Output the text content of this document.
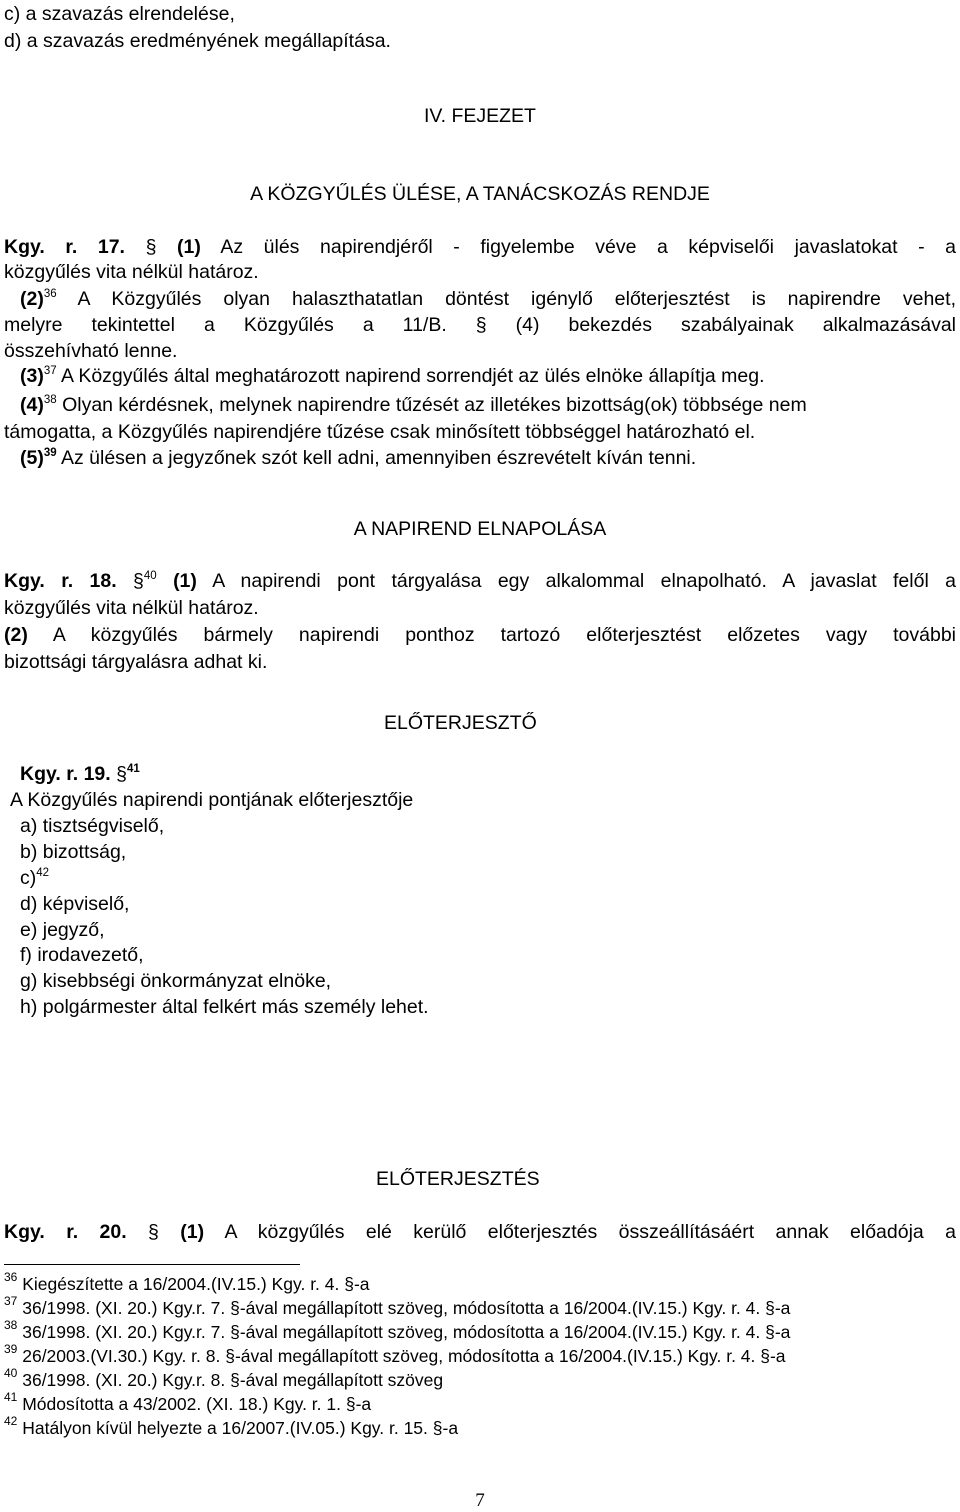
c) a szavazás elrendelése,
d) a szavazás eredményének megállapítása.
IV. FEJEZET
A KÖZGYŰLÉS ÜLÉSE, A TANÁCSKOZÁS RENDJE
Kgy. r. 17. § (1) Az ülés napirendjéről - figyelembe véve a képviselői javaslatokat - a
közgyűlés vita nélkül határoz.
$(2)^{36}$ A Közgyűlés olyan halaszthatatlan döntést igénylő előterjesztést is napirendre vehet,
melyre tekintettel a Közgyűlés a 11/B. § (4) bekezdés szabályainak alkalmazásával
összehívható lenne.
$(3)^{37}$ A Közgyűlés által meghatározott napirend sorrendjét az ülés elnöke állapítja meg.
$(4)^{38}$ Olyan kérdésnek, melynek napirendre tűzését az illetékes bizottság(ok) többsége nem
támogatta, a Közgyűlés napirendjére tűzése csak minősített többséggel határozható el.
$(5)^{39}$ Az ülésen a jegyzőnek szót kell adni, amennyiben észrevételt kíván tenni.
A NAPIREND ELNAPOLÁSA
Kgy. r. 18. §$^{40}$ (1) A napirendi pont tárgyalása egy alkalommal elnapolható. A javaslat felől a
közgyűlés vita nélkül határoz.
(2) A közgyűlés bármely napirendi ponthoz tartozó előterjesztést előzetes vagy további
bizottsági tárgyalásra adhat ki.
ELŐTERJESZTŐ
Kgy. r. 19. §$^{41}$
A Közgyűlés napirendi pontjának előterjesztője
a) tisztségviselő,
b) bizottság,
c)$^{42}$
d) képviselő,
e) jegyző,
f) irodavezető,
g) kisebbségi önkormányzat elnöke,
h) polgármester által felkért más személy lehet.
ELŐTERJESZTÉS
Kgy. r. 20. § (1) A közgyűlés elé kerülő előterjesztés összeállításáért annak előadója a
$^{36}$ Kiegészítette a 16/2004.(IV.15.) Kgy. r. 4. §-a
$^{37}$ 36/1998. (XI. 20.) Kgy.r. 7. §-ával megállapított szöveg, módosította a 16/2004.(IV.15.) Kgy. r. 4. §-a
$^{38}$ 36/1998. (XI. 20.) Kgy.r. 7. §-ával megállapított szöveg, módosította a 16/2004.(IV.15.) Kgy. r. 4. §-a
$^{39}$ 26/2003.(VI.30.) Kgy. r. 8. §-ával megállapított szöveg, módosította a 16/2004.(IV.15.) Kgy. r. 4. §-a
$^{40}$ 36/1998. (XI. 20.) Kgy.r. 8. §-ával megállapított szöveg
$^{41}$ Módosította a 43/2002. (XI. 18.) Kgy. r. 1. §-a
$^{42}$ Hatályon kívül helyezte a 16/2007.(IV.05.) Kgy. r. 15. §-a
7
